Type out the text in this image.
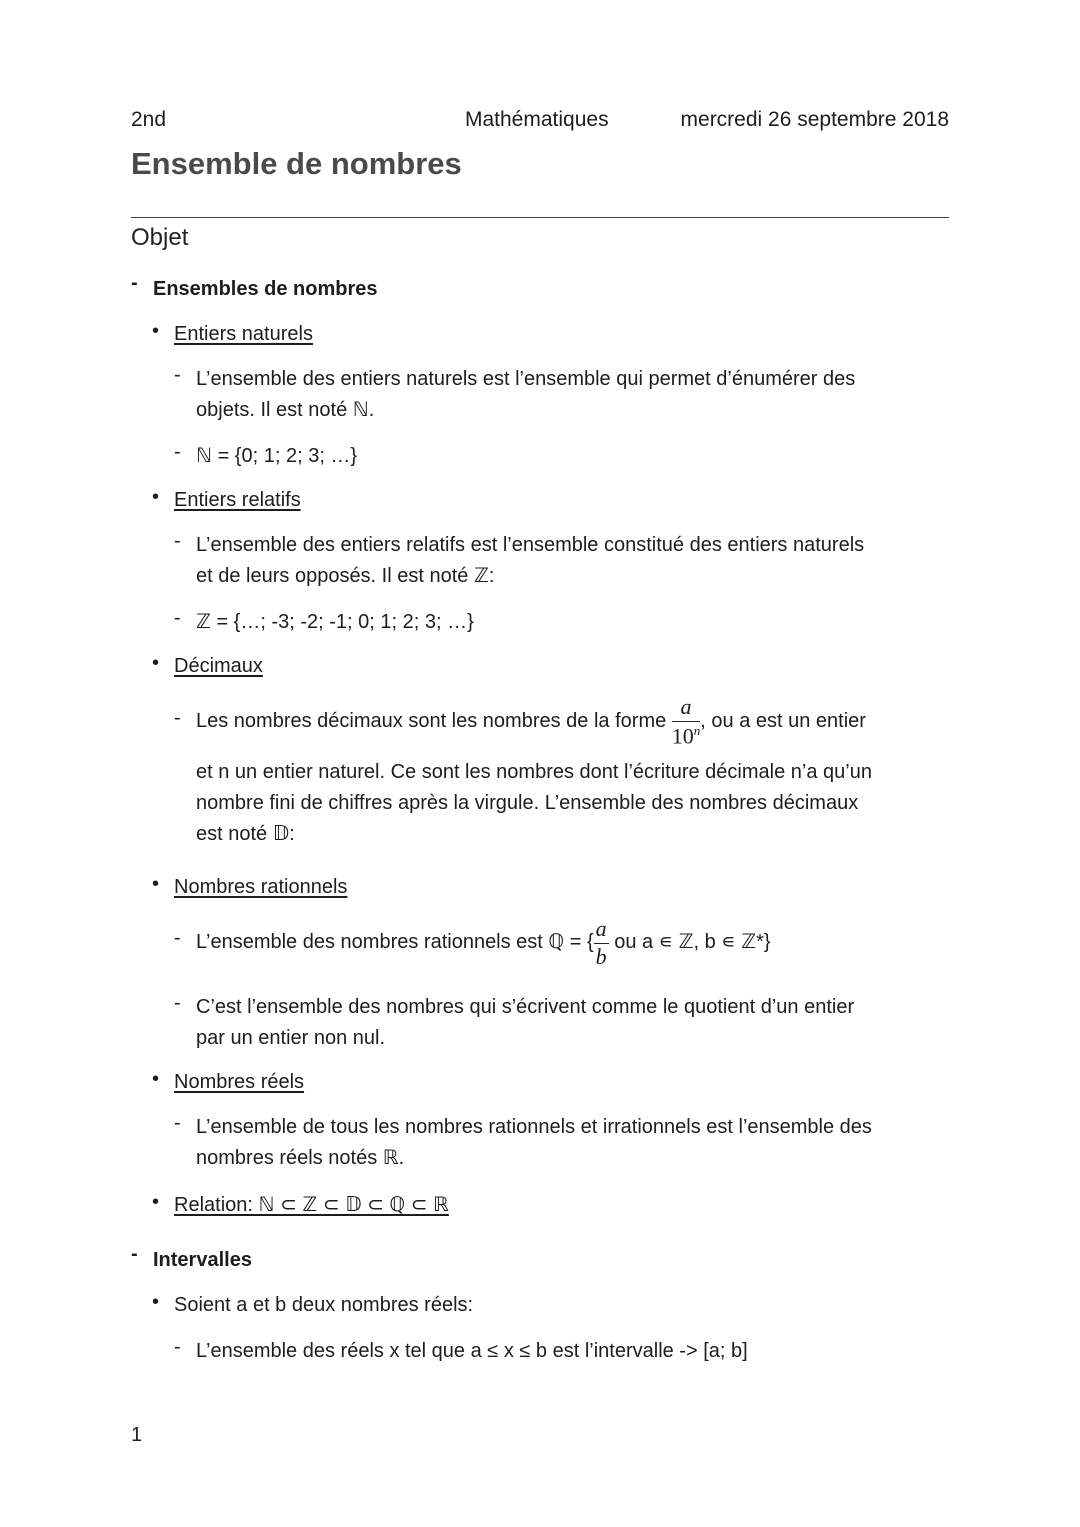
2nd	Mathématiques	mercredi 26 septembre 2018
Ensemble de nombres
Objet
- Ensembles de nombres
• Entiers naturels
- L’ensemble des entiers naturels est l’ensemble qui permet d’énumérer des
objets. Il est noté ℕ.
- ℕ = {0; 1; 2; 3; …}
• Entiers relatifs
- L’ensemble des entiers relatifs est l’ensemble constitué des entiers naturels
et de leurs opposés. Il est noté ℤ:
- ℤ = {…; -3; -2; -1; 0; 1; 2; 3; …}
• Décimaux
- Les nombres décimaux sont les nombres de la forme $\frac{a}{10^n}$ , ou a est un entier
et n un entier naturel. Ce sont les nombres dont l’écriture décimale n’a qu’un
nombre fini de chiffres après la virgule. L’ensemble des nombres décimaux
est noté 𝔻:
• Nombres rationnels
- L’ensemble des nombres rationnels est ℚ = { $\frac{a}{b}$ ou a ∊ ℤ, b ∊ ℤ*}
- C’est l’ensemble des nombres qui s’écrivent comme le quotient d’un entier
par un entier non nul.
• Nombres réels
- L’ensemble de tous les nombres rationnels et irrationnels est l’ensemble des
nombres réels notés ℝ.
• Relation: ℕ ⊂ ℤ ⊂ 𝔻 ⊂ ℚ ⊂ ℝ
- Intervalles
• Soient a et b deux nombres réels:
- L’ensemble des réels x tel que a ≤ x ≤ b est l’intervalle -> [a; b]
1
